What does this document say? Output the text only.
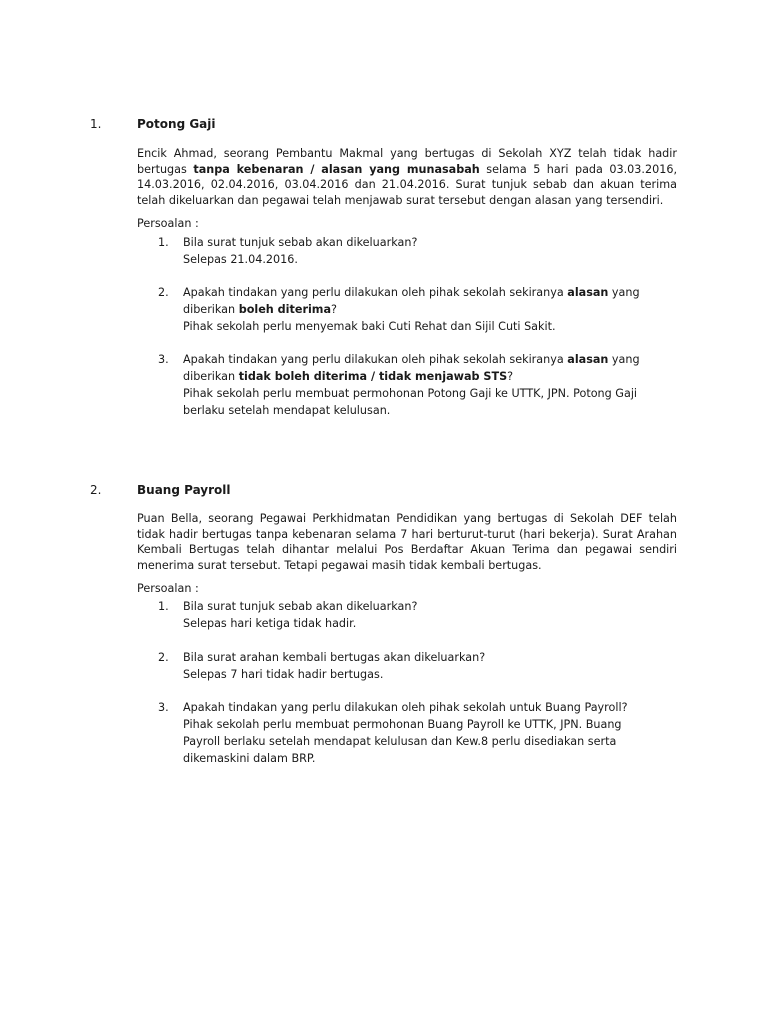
1.	Potong Gaji
Encik Ahmad, seorang Pembantu Makmal yang bertugas di Sekolah XYZ telah tidak hadir bertugas tanpa kebenaran / alasan yang munasabah selama 5 hari pada 03.03.2016, 14.03.2016, 02.04.2016, 03.04.2016 dan 21.04.2016. Surat tunjuk sebab dan akuan terima telah dikeluarkan dan pegawai telah menjawab surat tersebut dengan alasan yang tersendiri.
Persoalan :
1. Bila surat tunjuk sebab akan dikeluarkan?
Selepas 21.04.2016.
2. Apakah tindakan yang perlu dilakukan oleh pihak sekolah sekiranya alasan yang
diberikan boleh diterima?
Pihak sekolah perlu menyemak baki Cuti Rehat dan Sijil Cuti Sakit.
3. Apakah tindakan yang perlu dilakukan oleh pihak sekolah sekiranya alasan yang
diberikan tidak boleh diterima / tidak menjawab STS?
Pihak sekolah perlu membuat permohonan Potong Gaji ke UTTK, JPN. Potong Gaji
berlaku setelah mendapat kelulusan.
2.	Buang Payroll
Puan Bella, seorang Pegawai Perkhidmatan Pendidikan yang bertugas di Sekolah DEF telah tidak hadir bertugas tanpa kebenaran selama 7 hari berturut-turut (hari bekerja). Surat Arahan Kembali Bertugas telah dihantar melalui Pos Berdaftar Akuan Terima dan pegawai sendiri menerima surat tersebut. Tetapi pegawai masih tidak kembali bertugas.
Persoalan :
1. Bila surat tunjuk sebab akan dikeluarkan?
Selepas hari ketiga tidak hadir.
2. Bila surat arahan kembali bertugas akan dikeluarkan?
Selepas 7 hari tidak hadir bertugas.
3. Apakah tindakan yang perlu dilakukan oleh pihak sekolah untuk Buang Payroll?
Pihak sekolah perlu membuat permohonan Buang Payroll ke UTTK, JPN. Buang
Payroll berlaku setelah mendapat kelulusan dan Kew.8 perlu disediakan serta
dikemaskini dalam BRP.
